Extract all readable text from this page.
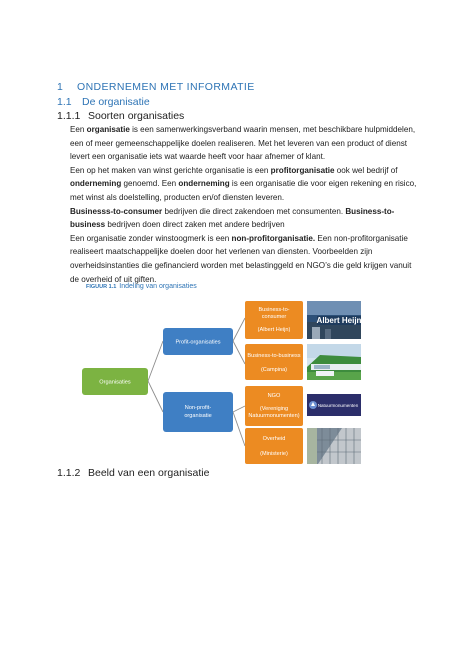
1 ONDERNEMEN MET INFORMATIE
1.1 De organisatie
1.1.1 Soorten organisaties

Een organisatie is een samenwerkingsverband waarin mensen, met beschikbare hulpmiddelen, een of meer gemeenschappelijke doelen realiseren. Met het leveren van een product of dienst levert een organisatie iets wat waarde heeft voor haar afnemer of klant.

Een op het maken van winst gerichte organisatie is een profitorganisatie ook wel bedrijf of onderneming genoemd. Een onderneming is een organisatie die voor eigen rekening en risico, met winst als doelstelling, producten en/of diensten leveren.

Businesss-to-consumer bedrijven die direct zakendoen met consumenten. Business-to-business bedrijven doen direct zaken met andere bedrijven

Een organisatie zonder winstoogmerk is een non-profitorganisatie. Een non-profitorganisatie realiseert maatschappelijke doelen door het verlenen van diensten. Voorbeelden zijn overheidsinstanties die gefinancierd worden met belastinggeld en NGO’s die geld krijgen vanuit de overheid of uit giften.

FIGUUR 1.1 Indeling van organisaties
Organisaties
Profit-organisaties
Non-profit-
organisatie
Business-to-
consumer
(Albert Heijn)
Business-to-business
(Campina)
NGO
(Vereniging
Natuurmonumenten)
Overheid
(Ministerie)
Albert Heijn
Natuurmonumenten
1.1.2 Beeld van een organisatie
